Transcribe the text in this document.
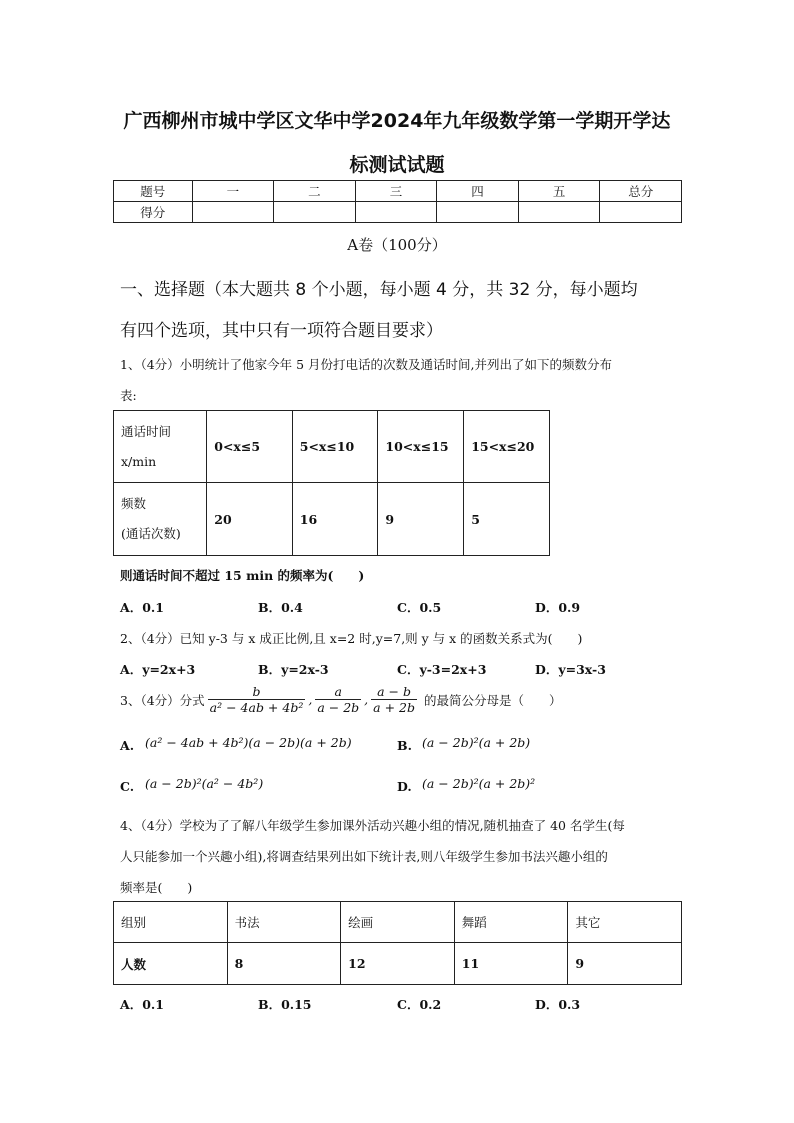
广西柳州市城中学区文华中学2024年九年级数学第一学期开学达
标测试试题
题号	一	二	三	四	五	总分
得分						
A卷（100分）
一、选择题（本大题共 8 个小题，每小题 4 分，共 32 分，每小题均
有四个选项，其中只有一项符合题目要求）
1、（4分）小明统计了他家今年 5 月份打电话的次数及通话时间,并列出了如下的频数分布
表:
通话时间
x/min	0<x≤5	5<x≤10	10<x≤15	15<x≤20
频数
(通话次数)	20	16	9	5
则通话时间不超过 15 min 的频率为(　　)
A．0.1	B．0.4	C．0.5	D．0.9
2、（4分）已知 y-3 与 x 成正比例,且 x=2 时,y=7,则 y 与 x 的函数关系式为(　　)
A．y=2x+3	B．y=2x-3	C．y-3=2x+3	D．y=3x-3
3、（4分）分式 $\frac{b}{\text{a² − 4ab + 4b²}}$ , $\frac{a}{a - 2b}$ , $\frac{a - b}{a + 2b}$ 的最简公分母是（　　）
A. (a² − 4ab + 4b²)(a − 2b)(a + 2b)	B. (a − 2b)²(a + 2b)
C. (a − 2b)²(a² − 4b²)	D. (a − 2b)²(a + 2b)²
4、（4分）学校为了了解八年级学生参加课外活动兴趣小组的情况,随机抽查了 40 名学生(每
人只能参加一个兴趣小组),将调查结果列出如下统计表,则八年级学生参加书法兴趣小组的
频率是(　　)
组别	书法	绘画	舞蹈	其它
人数	8	12	11	9
A．0.1	B．0.15	C．0.2	D．0.3
